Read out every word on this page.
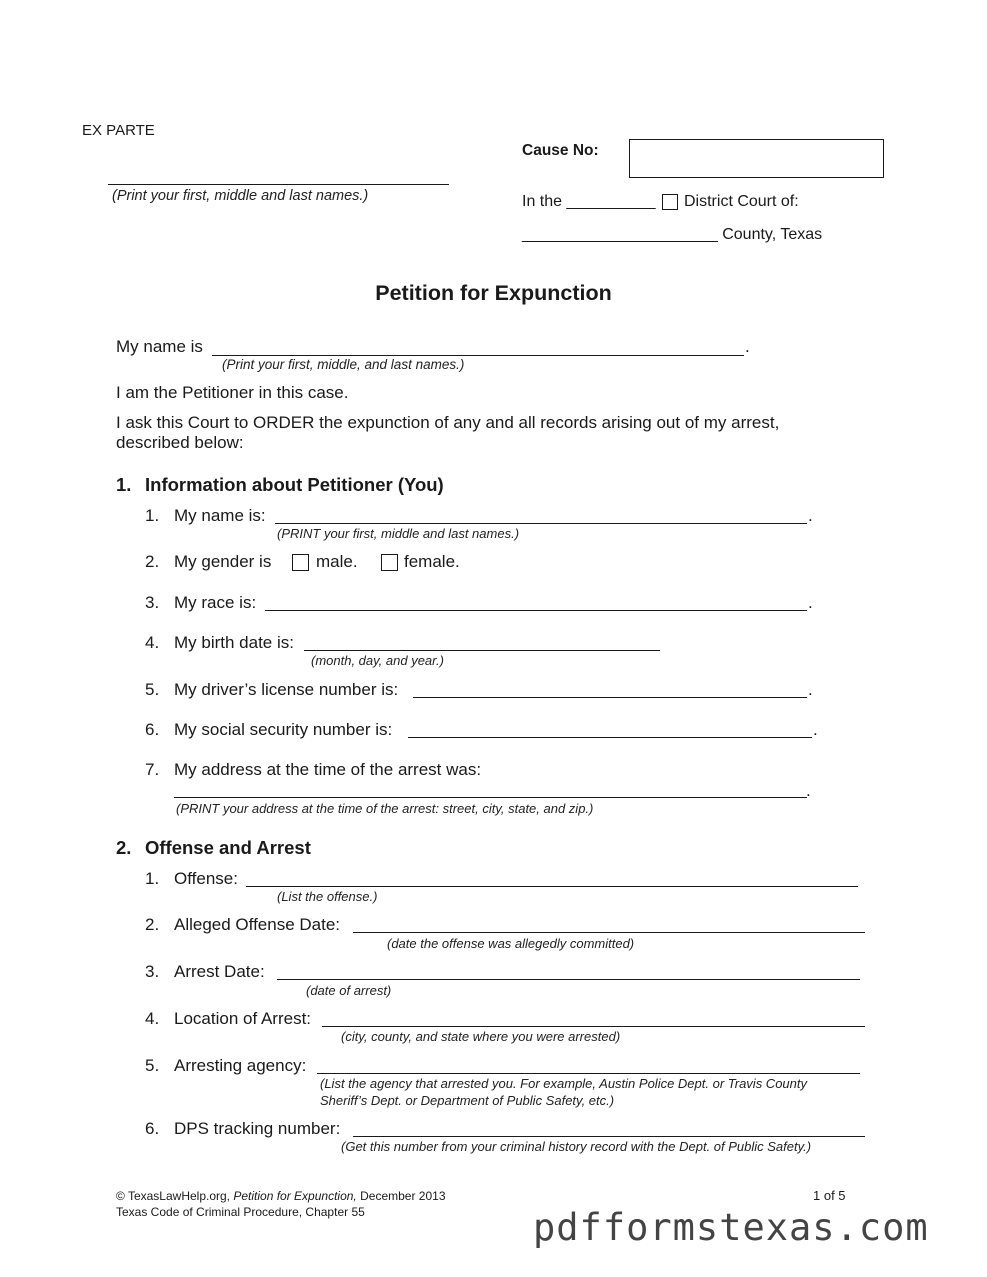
EX PARTE
(Print your first, middle and last names.)
Cause No:
In the __________ District Court of:
______________________ County, Texas
Petition for Expunction
My name is	.
(Print your first, middle, and last names.)
I am the Petitioner in this case.
I ask this Court to ORDER the expunction of any and all records arising out of my arrest,
described below:
1. Information about Petitioner (You)
1. My name is:	.
(PRINT your first, middle and last names.)
2. My gender is	male.	female.
3. My race is:	.
4. My birth date is:
(month, day, and year.)
5. My driver’s license number is:	.
6. My social security number is:	.
7. My address at the time of the arrest was:
.
(PRINT your address at the time of the arrest: street, city, state, and zip.)
2. Offense and Arrest
1. Offense:
(List the offense.)
2. Alleged Offense Date:
(date the offense was allegedly committed)
3. Arrest Date:
(date of arrest)
4. Location of Arrest:
(city, county, and state where you were arrested)
5. Arresting agency:
(List the agency that arrested you. For example, Austin Police Dept. or Travis County
Sheriff’s Dept. or Department of Public Safety, etc.)
6. DPS tracking number:
(Get this number from your criminal history record with the Dept. of Public Safety.)
© TexasLawHelp.org, Petition for Expunction, December 2013
Texas Code of Criminal Procedure, Chapter 55
1 of 5
pdfformstexas.com
